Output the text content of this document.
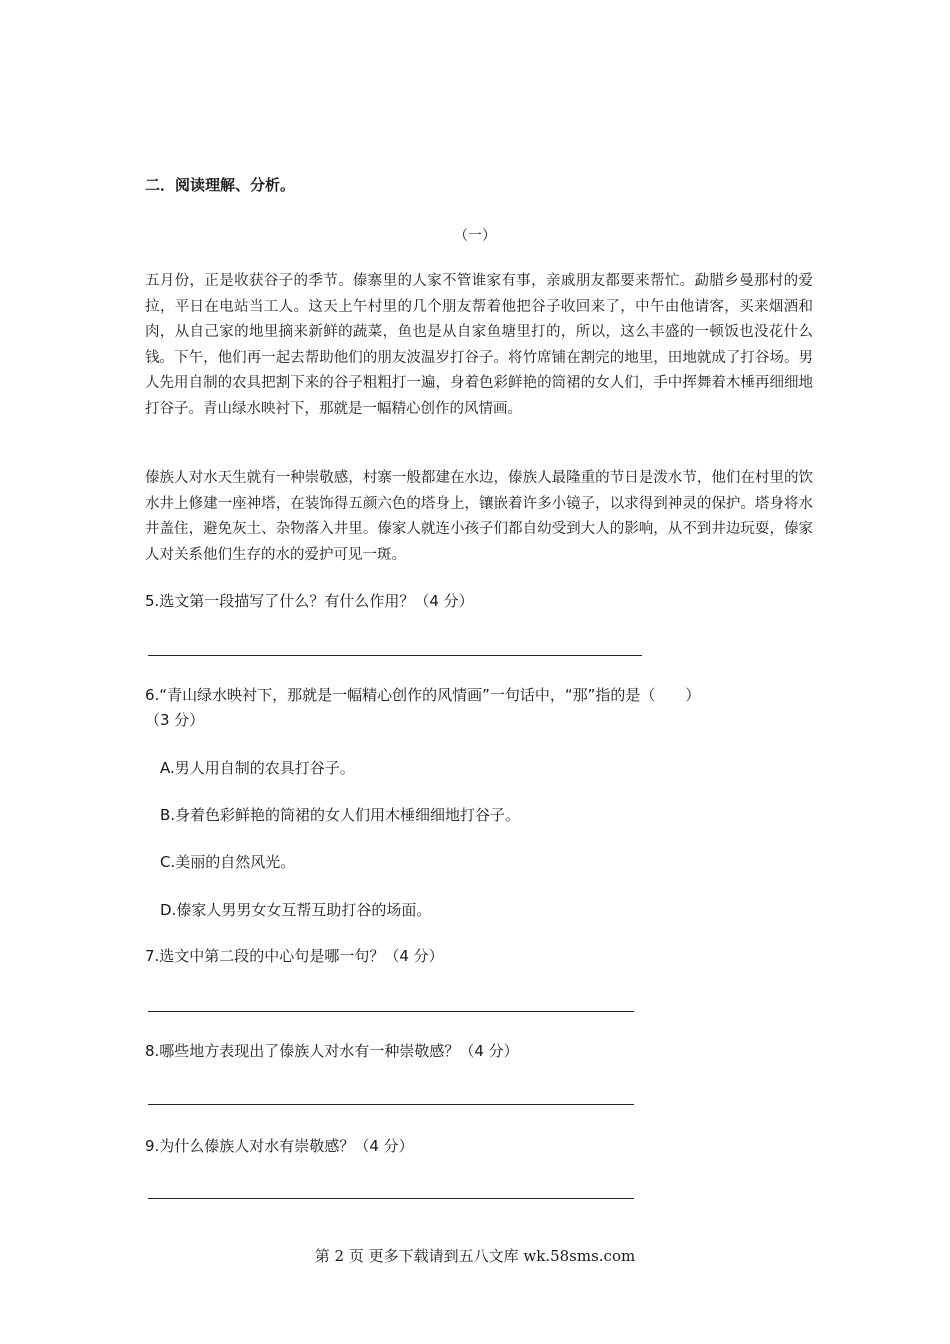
二．阅读理解、分析。
（一）
五月份，正是收获谷子的季节。傣寨里的人家不管谁家有事，亲戚朋友都要来帮忙。勐腊乡曼那村的爱拉，平日在电站当工人。这天上午村里的几个朋友帮着他把谷子收回来了，中午由他请客，买来烟酒和肉，从自己家的地里摘来新鲜的蔬菜，鱼也是从自家鱼塘里打的，所以，这么丰盛的一顿饭也没花什么钱。下午，他们再一起去帮助他们的朋友波温岁打谷子。将竹席铺在割完的地里，田地就成了打谷场。男人先用自制的农具把割下来的谷子粗粗打一遍，身着色彩鲜艳的筒裙的女人们，手中挥舞着木棰再细细地打谷子。青山绿水映衬下，那就是一幅精心创作的风情画。
傣族人对水天生就有一种崇敬感，村寨一般都建在水边，傣族人最隆重的节日是泼水节，他们在村里的饮水井上修建一座神塔，在装饰得五颜六色的塔身上，镶嵌着许多小镜子，以求得到神灵的保护。塔身将水井盖住，避免灰土、杂物落入井里。傣家人就连小孩子们都自幼受到大人的影响，从不到井边玩耍，傣家人对关系他们生存的水的爱护可见一斑。
5.选文第一段描写了什么？有什么作用？（4 分）
6.“青山绿水映衬下，那就是一幅精心创作的风情画”一句话中，“那”指的是（　　）
（3 分）
A.男人用自制的农具打谷子。
B.身着色彩鲜艳的筒裙的女人们用木棰细细地打谷子。
C.美丽的自然风光。
D.傣家人男男女女互帮互助打谷的场面。
7.选文中第二段的中心句是哪一句？（4 分）
8.哪些地方表现出了傣族人对水有一种崇敬感？（4 分）
9.为什么傣族人对水有崇敬感？（4 分）
第 2 页 更多下载请到五八文库 wk.58sms.com
